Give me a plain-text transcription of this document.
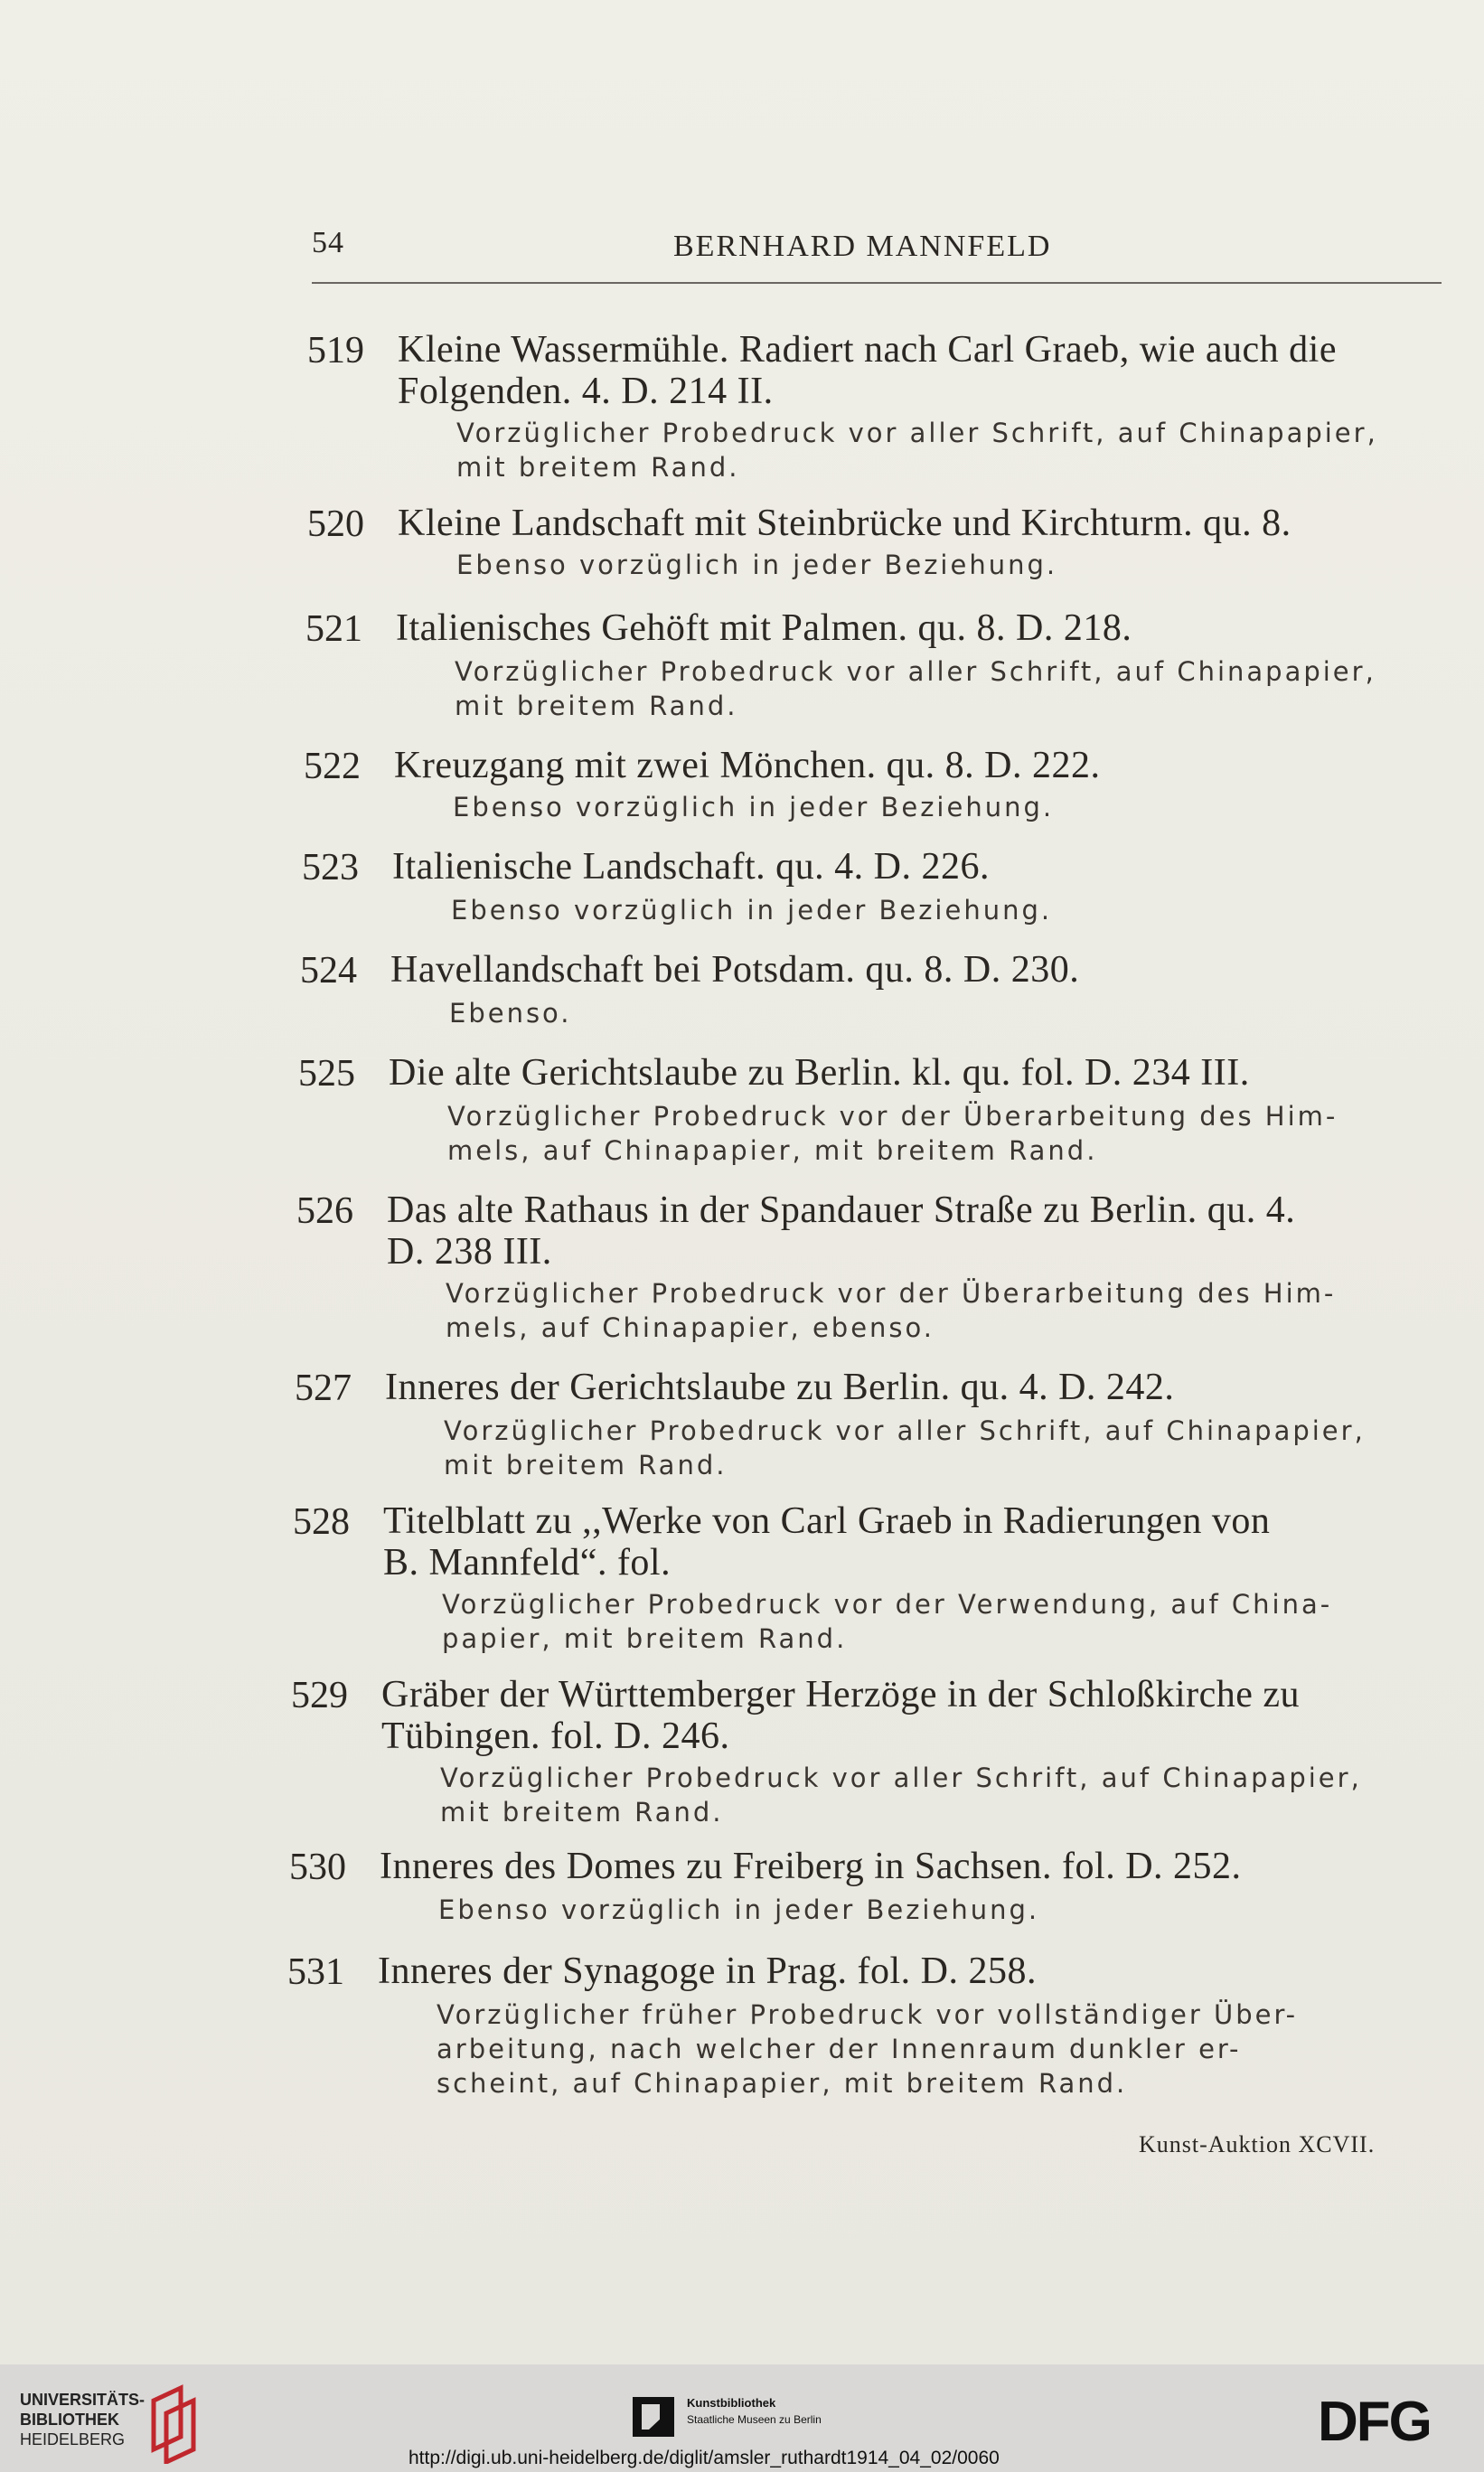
54	BERNHARD MANNFELD
519 Kleine Wassermühle. Radiert nach Carl Graeb, wie auch die
Folgenden. 4. D. 214 II.
Vorzüglicher Probedruck vor aller Schrift, auf Chinapapier,
mit breitem Rand.
520 Kleine Landschaft mit Steinbrücke und Kirchturm. qu. 8.
Ebenso vorzüglich in jeder Beziehung.
521 Italienisches Gehöft mit Palmen. qu. 8. D. 218.
Vorzüglicher Probedruck vor aller Schrift, auf Chinapapier,
mit breitem Rand.
522 Kreuzgang mit zwei Mönchen. qu. 8. D. 222.
Ebenso vorzüglich in jeder Beziehung.
523 Italienische Landschaft. qu. 4. D. 226.
Ebenso vorzüglich in jeder Beziehung.
524 Havellandschaft bei Potsdam. qu. 8. D. 230.
Ebenso.
525 Die alte Gerichtslaube zu Berlin. kl. qu. fol. D. 234 III.
Vorzüglicher Probedruck vor der Überarbeitung des Him-
mels, auf Chinapapier, mit breitem Rand.
526 Das alte Rathaus in der Spandauer Straße zu Berlin. qu. 4.
D. 238 III.
Vorzüglicher Probedruck vor der Überarbeitung des Him-
mels, auf Chinapapier, ebenso.
527 Inneres der Gerichtslaube zu Berlin. qu. 4. D. 242.
Vorzüglicher Probedruck vor aller Schrift, auf Chinapapier,
mit breitem Rand.
528 Titelblatt zu ,,Werke von Carl Graeb in Radierungen von
B. Mannfeld“. fol.
Vorzüglicher Probedruck vor der Verwendung, auf China-
papier, mit breitem Rand.
529 Gräber der Württemberger Herzöge in der Schloßkirche zu
Tübingen. fol. D. 246.
Vorzüglicher Probedruck vor aller Schrift, auf Chinapapier,
mit breitem Rand.
530 Inneres des Domes zu Freiberg in Sachsen. fol. D. 252.
Ebenso vorzüglich in jeder Beziehung.
531 Inneres der Synagoge in Prag. fol. D. 258.
Vorzüglicher früher Probedruck vor vollständiger Über-
arbeitung, nach welcher der Innenraum dunkler er-
scheint, auf Chinapapier, mit breitem Rand.
Kunst-Auktion XCVII.
UNIVERSITÄTS-
BIBLIOTHEK
HEIDELBERG
Kunstbibliothek
Staatliche Museen zu Berlin	DFG
http://digi.ub.uni-heidelberg.de/diglit/amsler_ruthardt1914_04_02/0060
